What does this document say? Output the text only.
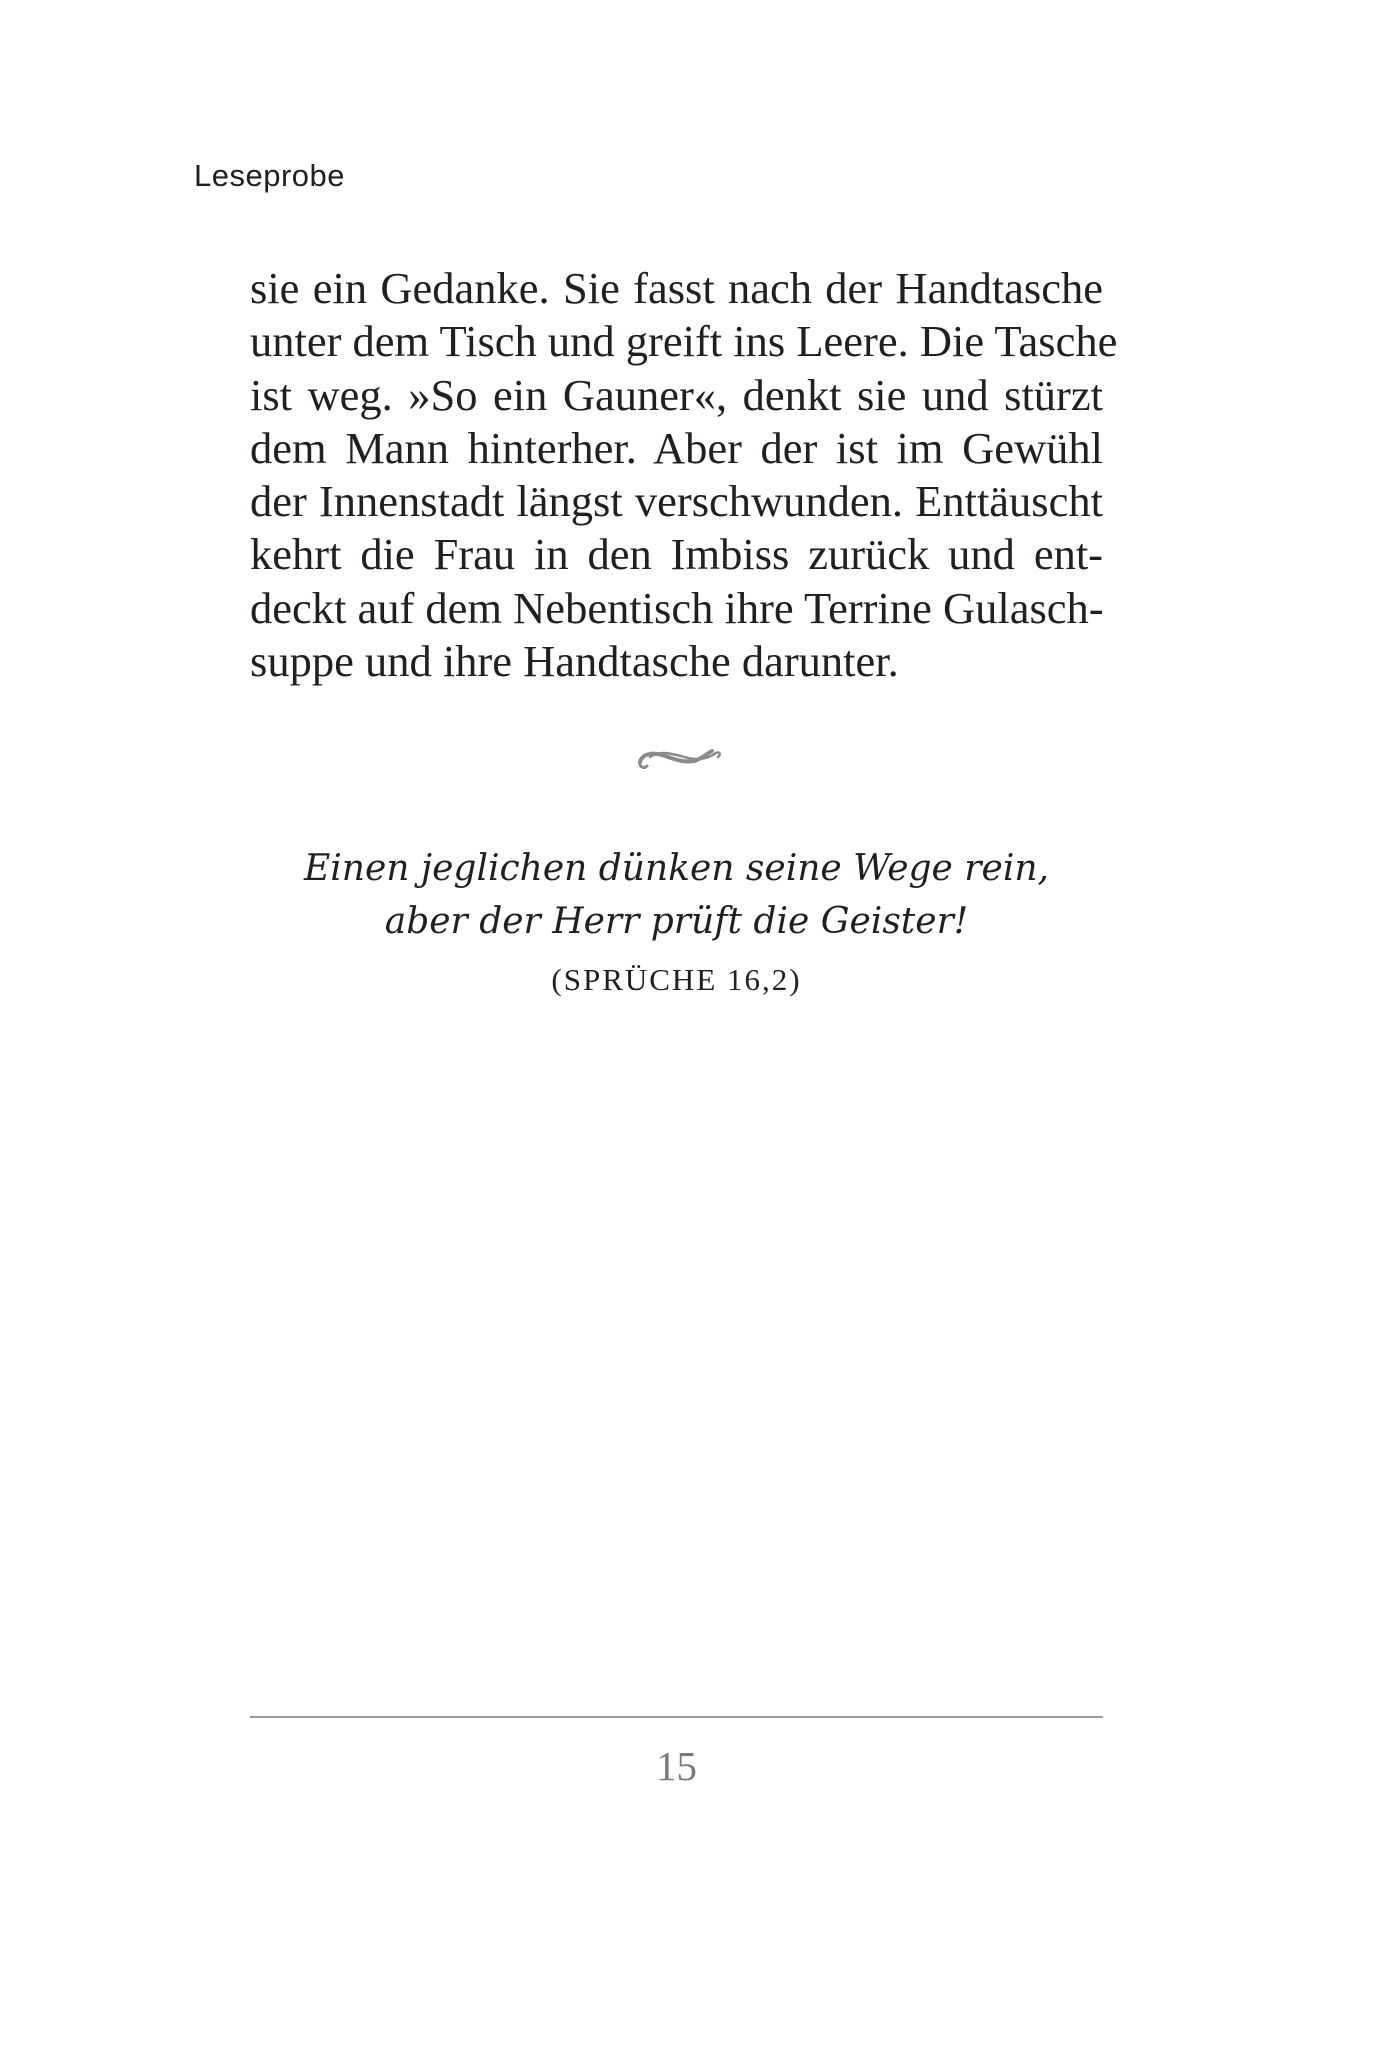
Leseprobe
sie ein Gedanke. Sie fasst nach der Handtasche
unter dem Tisch und greift ins Leere. Die Tasche
ist weg. »So ein Gauner«, denkt sie und stürzt
dem Mann hinterher. Aber der ist im Gewühl
der Innenstadt längst verschwunden. Enttäuscht
kehrt die Frau in den Imbiss zurück und ent-
deckt auf dem Nebentisch ihre Terrine Gulasch-
suppe und ihre Handtasche darunter.
Einen jeglichen dünken seine Wege rein,
aber der Herr prüft die Geister!
(SPRÜCHE 16,2)
15
